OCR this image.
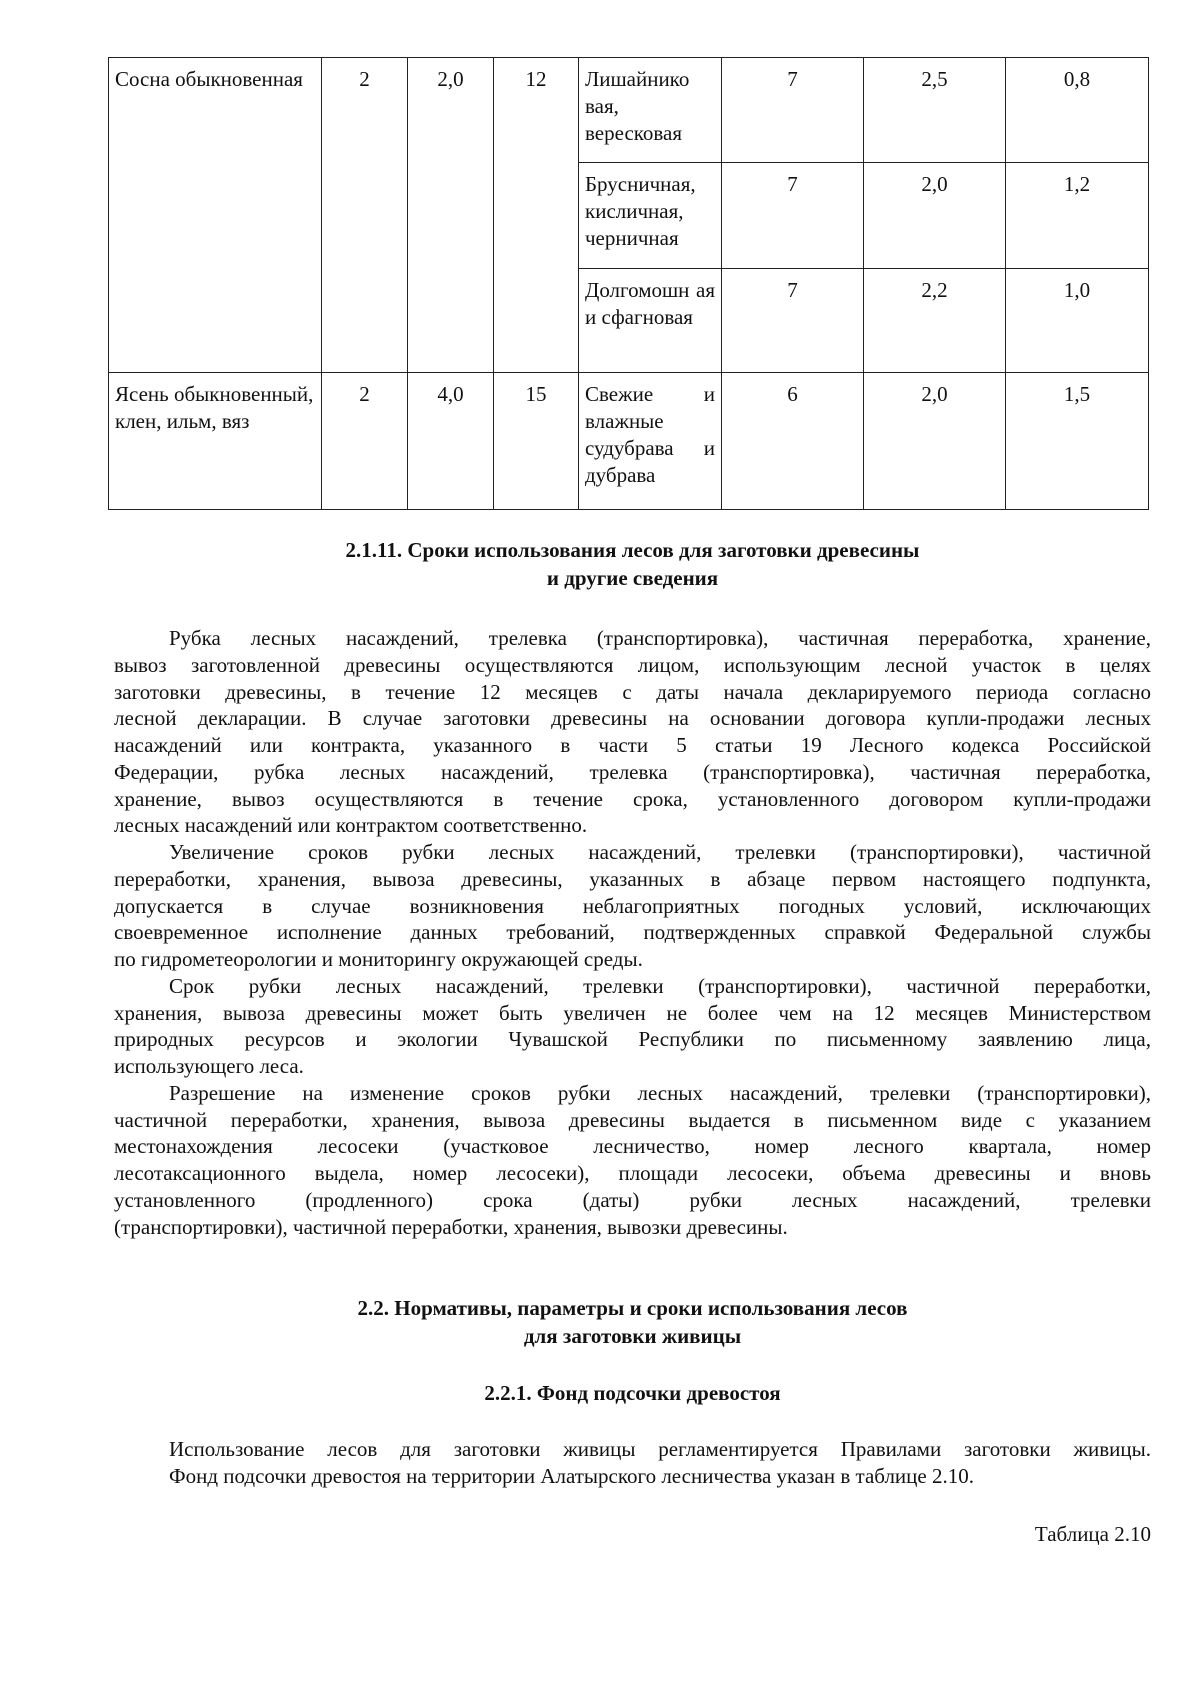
Сосна обыкновенная	2	2,0	12	Лишайнико вая, вересковая	7	2,5	0,8
				Брусничная, кисличная, черничная	7	2,0	1,2
				Долгомошн ая и сфагновая	7	2,2	1,0
Ясень обыкновенный, клен, ильм, вяз	2	4,0	15	Свежие и влажные судубрава и дубрава	6	2,0	1,5
2.1.11. Сроки использования лесов для заготовки древесины
и другие сведения
Рубка лесных насаждений, трелевка (транспортировка), частичная переработка, хранение,
вывоз заготовленной древесины осуществляются лицом, использующим лесной участок в целях
заготовки древесины, в течение 12 месяцев с даты начала декларируемого периода согласно
лесной декларации. В случае заготовки древесины на основании договора купли-продажи лесных
насаждений или контракта, указанного в части 5 статьи 19 Лесного кодекса Российской
Федерации, рубка лесных насаждений, трелевка (транспортировка), частичная переработка,
хранение, вывоз осуществляются в течение срока, установленного договором купли-продажи
лесных насаждений или контрактом соответственно.
Увеличение сроков рубки лесных насаждений, трелевки (транспортировки), частичной
переработки, хранения, вывоза древесины, указанных в абзаце первом настоящего подпункта,
допускается в случае возникновения неблагоприятных погодных условий, исключающих
своевременное исполнение данных требований, подтвержденных справкой Федеральной службы
по гидрометеорологии и мониторингу окружающей среды.
Срок рубки лесных насаждений, трелевки (транспортировки), частичной переработки,
хранения, вывоза древесины может быть увеличен не более чем на 12 месяцев Министерством
природных ресурсов и экологии Чувашской Республики по письменному заявлению лица,
использующего леса.
Разрешение на изменение сроков рубки лесных насаждений, трелевки (транспортировки),
частичной переработки, хранения, вывоза древесины выдается в письменном виде с указанием
местонахождения лесосеки (участковое лесничество, номер лесного квартала, номер
лесотаксационного выдела, номер лесосеки), площади лесосеки, объема древесины и вновь
установленного (продленного) срока (даты) рубки лесных насаждений, трелевки
(транспортировки), частичной переработки, хранения, вывозки древесины.
2.2. Нормативы, параметры и сроки использования лесов
для заготовки живицы
2.2.1. Фонд подсочки древостоя
Использование лесов для заготовки живицы регламентируется Правилами заготовки живицы.
Фонд подсочки древостоя на территории Алатырского лесничества указан в таблице 2.10.
Таблица 2.10
